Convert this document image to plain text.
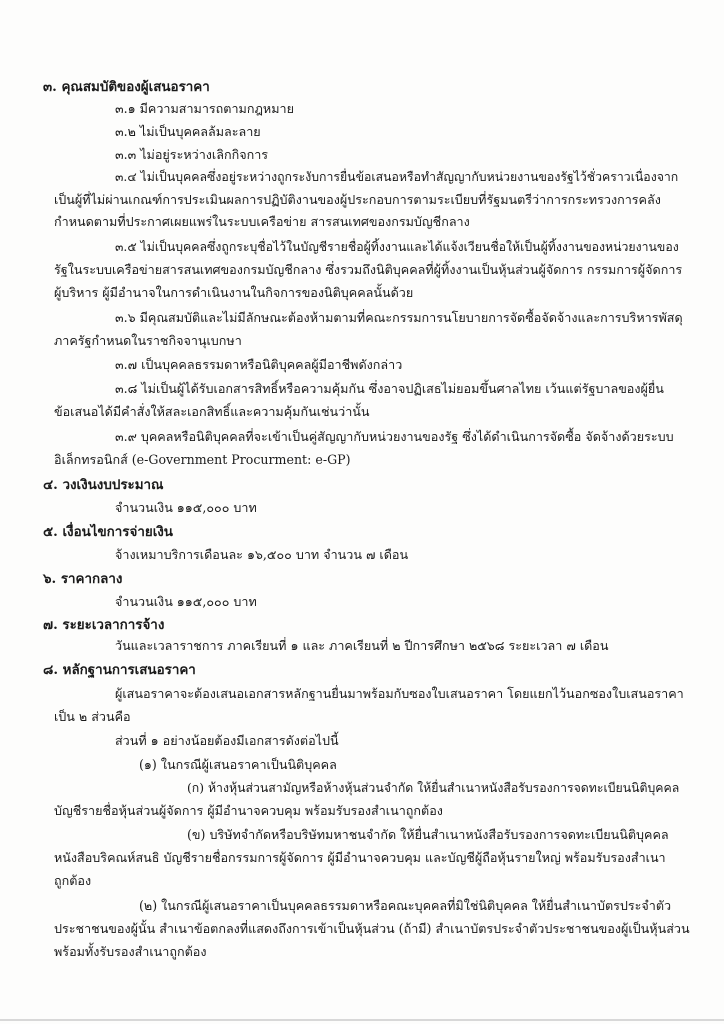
๓. คุณสมบัติของผู้เสนอราคา
๓.๑ มีความสามารถตามกฎหมาย
๓.๒ ไม่เป็นบุคคลล้มละลาย
๓.๓ ไม่อยู่ระหว่างเลิกกิจการ
๓.๔ ไม่เป็นบุคคลซึ่งอยู่ระหว่างถูกระงับการยื่นข้อเสนอหรือทำสัญญากับหน่วยงานของรัฐไว้ชั่วคราวเนื่องจาก
เป็นผู้ที่ไม่ผ่านเกณฑ์การประเมินผลการปฏิบัติงานของผู้ประกอบการตามระเบียบที่รัฐมนตรีว่าการกระทรวงการคลัง
กำหนดตามที่ประกาศเผยแพร่ในระบบเครือข่าย สารสนเทศของกรมบัญชีกลาง
๓.๕ ไม่เป็นบุคคลซึ่งถูกระบุชื่อไว้ในบัญชีรายชื่อผู้ทิ้งงานและได้แจ้งเวียนชื่อให้เป็นผู้ทิ้งงานของหน่วยงานของ
รัฐในระบบเครือข่ายสารสนเทศของกรมบัญชีกลาง ซึ่งรวมถึงนิติบุคคลที่ผู้ทิ้งงานเป็นหุ้นส่วนผู้จัดการ กรรมการผู้จัดการ
ผู้บริหาร ผู้มีอำนาจในการดำเนินงานในกิจการของนิติบุคคลนั้นด้วย
๓.๖ มีคุณสมบัติและไม่มีลักษณะต้องห้ามตามที่คณะกรรมการนโยบายการจัดซื้อจัดจ้างและการบริหารพัสดุ
ภาครัฐกำหนดในราชกิจจานุเบกษา
๓.๗ เป็นบุคคลธรรมดาหรือนิติบุคคลผู้มีอาชีพดังกล่าว
๓.๘ ไม่เป็นผู้ได้รับเอกสารสิทธิ์หรือความคุ้มกัน ซึ่งอาจปฏิเสธไม่ยอมขึ้นศาลไทย เว้นแต่รัฐบาลของผู้ยื่น
ข้อเสนอได้มีคำสั่งให้สละเอกสิทธิ์และความคุ้มกันเช่นว่านั้น
๓.๙ บุคคลหรือนิติบุคคลที่จะเข้าเป็นคู่สัญญากับหน่วยงานของรัฐ ซึ่งได้ดำเนินการจัดซื้อ จัดจ้างด้วยระบบ
อิเล็กทรอนิกส์ (e-Government Procurment: e-GP)
๔. วงเงินงบประมาณ
จำนวนเงิน ๑๑๕,๐๐๐ บาท
๕. เงื่อนไขการจ่ายเงิน
จ้างเหมาบริการเดือนละ ๑๖,๕๐๐ บาท จำนวน ๗ เดือน
๖. ราคากลาง
จำนวนเงิน ๑๑๕,๐๐๐ บาท
๗. ระยะเวลาการจ้าง
วันและเวลาราชการ ภาคเรียนที่ ๑ และ ภาคเรียนที่ ๒ ปีการศึกษา ๒๕๖๘ ระยะเวลา ๗ เดือน
๘. หลักฐานการเสนอราคา
ผู้เสนอราคาจะต้องเสนอเอกสารหลักฐานยื่นมาพร้อมกับซองใบเสนอราคา โดยแยกไว้นอกซองใบเสนอราคา
เป็น ๒ ส่วนคือ
ส่วนที่ ๑ อย่างน้อยต้องมีเอกสารดังต่อไปนี้
(๑) ในกรณีผู้เสนอราคาเป็นนิติบุคคล
(ก) ห้างหุ้นส่วนสามัญหรือห้างหุ้นส่วนจำกัด ให้ยื่นสำเนาหนังสือรับรองการจดทะเบียนนิติบุคคล
บัญชีรายชื่อหุ้นส่วนผู้จัดการ ผู้มีอำนาจควบคุม พร้อมรับรองสำเนาถูกต้อง
(ข) บริษัทจำกัดหรือบริษัทมหาชนจำกัด ให้ยื่นสำเนาหนังสือรับรองการจดทะเบียนนิติบุคคล
หนังสือบริคณห์สนธิ บัญชีรายชื่อกรรมการผู้จัดการ ผู้มีอำนาจควบคุม และบัญชีผู้ถือหุ้นรายใหญ่ พร้อมรับรองสำเนา
ถูกต้อง
(๒) ในกรณีผู้เสนอราคาเป็นบุคคลธรรมดาหรือคณะบุคคลที่มิใช่นิติบุคคล ให้ยื่นสำเนาบัตรประจำตัว
ประชาชนของผู้นั้น สำเนาข้อตกลงที่แสดงถึงการเข้าเป็นหุ้นส่วน (ถ้ามี) สำเนาบัตรประจำตัวประชาชนของผู้เป็นหุ้นส่วน
พร้อมทั้งรับรองสำเนาถูกต้อง
